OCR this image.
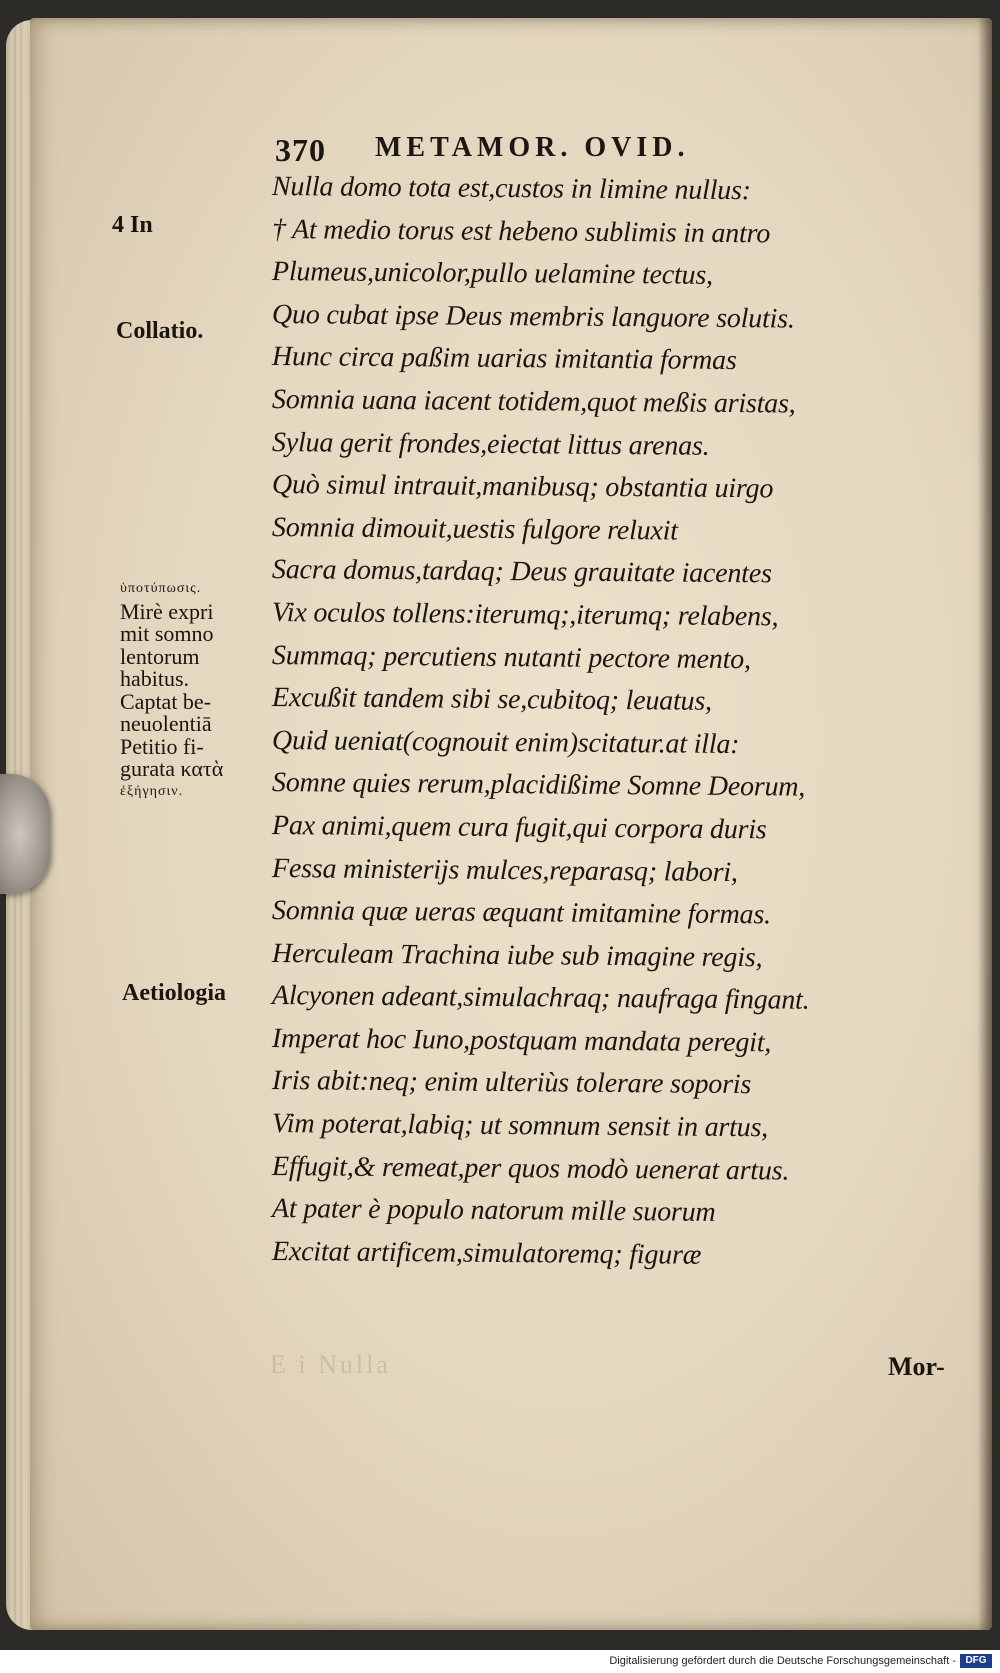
370 METAMOR. OVID.
4 In
Collatio.
Aetiologia
ὑποτύπωσις.
Mirè expri
mit somno
lentorum
habitus.
Captat be-
neuolentiā
Petitio fi-
gurata κατὰ
ἐξήγησιν.
Nulla domo tota est,custos in limine nullus:
† At medio torus est hebeno sublimis in antro
Plumeus,unicolor,pullo uelamine tectus,
Quo cubat ipse Deus membris languore solutis.
Hunc circa paßim uarias imitantia formas
Somnia uana iacent totidem,quot meßis aristas,
Sylua gerit frondes,eiectat littus arenas.
Quò simul intrauit,manibusq; obstantia uirgo
Somnia dimouit,uestis fulgore reluxit
Sacra domus,tardaq; Deus grauitate iacentes
Vix oculos tollens:iterumq;,iterumq; relabens,
Summaq; percutiens nutanti pectore mento,
Excußit tandem sibi se,cubitoq; leuatus,
Quid ueniat(cognouit enim)scitatur.at illa:
Somne quies rerum,placidißime Somne Deorum,
Pax animi,quem cura fugit,qui corpora duris
Fessa ministerijs mulces,reparasq; labori,
Somnia quæ ueras æquant imitamine formas.
Herculeam Trachina iube sub imagine regis,
Alcyonen adeant,simulachraq; naufraga fingant.
Imperat hoc Iuno,postquam mandata peregit,
Iris abit:neq; enim ulteriùs tolerare soporis
Vim poterat,labiq; ut somnum sensit in artus,
Effugit,& remeat,per quos modò uenerat artus.
At pater è populo natorum mille suorum
Excitat artificem,simulatoremq; figuræ
E i Nulla	Mor-
Digitalisierung gefördert durch die Deutsche Forschungsgemeinschaft - DFG
